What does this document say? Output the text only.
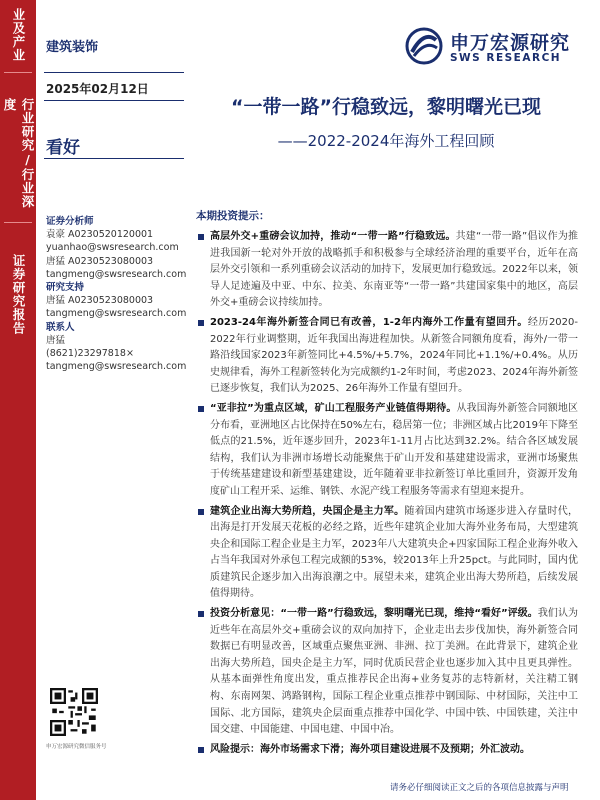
业及产业
行业研究/行业深度
证券研究报告
建筑装饰	申万宏源研究
SWS RESEARCH
2025年02月12日
看好
“一带一路”行稳致远，黎明曙光已现
——2022-2024年海外工程回顾
证券分析师
袁豪 A0230520120001
yuanhao@swsresearch.com
唐猛 A0230523080003
tangmeng@swsresearch.com
研究支持
唐猛 A0230523080003
tangmeng@swsresearch.com
联系人
唐猛
(8621)23297818×
tangmeng@swsresearch.com
本期投资提示：
高层外交+重磅会议加持，推动“一带一路”行稳致远。共建“一带一路”倡议作为推进我国新一轮对外开放的战略抓手和积极参与全球经济治理的重要平台，近年在高层外交引领和一系列重磅会议活动的加持下，发展更加行稳致远。2022年以来，领导人足迹遍及中亚、中东、拉美、东南亚等“一带一路”共建国家集中的地区，高层外交+重磅会议持续加持。
2023-24年海外新签合同已有改善，1-2年内海外工作量有望回升。经历2020-2022年行业调整期，近年我国出海进程加快。从新签合同额角度看，海外/一带一路沿线国家2023年新签同比+4.5%/+5.7%，2024年同比+1.1%/+0.4%。从历史规律看，海外工程新签转化为完成额约1-2年时间，考虑2023、2024年海外新签已逐步恢复，我们认为2025、26年海外工作量有望回升。
“亚非拉”为重点区域，矿山工程服务产业链值得期待。从我国海外新签合同额地区分布看，亚洲地区占比保持在50%左右，稳居第一位；非洲区域占比2019年下降至低点的21.5%，近年逐步回升，2023年1-11月占比达到32.2%。结合各区域发展结构，我们认为非洲市场增长动能聚焦于矿山开发和基建建设需求，亚洲市场聚焦于传统基建建设和新型基建建设，近年随着亚非拉新签订单比重回升，资源开发角度矿山工程开采、运维、钢铁、水泥产线工程服务等需求有望迎来提升。
建筑企业出海大势所趋，央国企是主力军。随着国内建筑市场逐步进入存量时代，出海是打开发展天花板的必经之路，近些年建筑企业加大海外业务布局，大型建筑央企和国际工程企业是主力军，2023年八大建筑央企+四家国际工程企业海外收入占当年我国对外承包工程完成额的53%，较2013年上升25pct。与此同时，国内优质建筑民企逐步加入出海浪潮之中。展望未来，建筑企业出海大势所趋，后续发展值得期待。
投资分析意见：“一带一路”行稳致远，黎明曙光已现，维持“看好”评级。我们认为近些年在高层外交+重磅会议的双向加持下，企业走出去步伐加快，海外新签合同数据已有明显改善，区域重点聚焦亚洲、非洲、拉丁美洲。在此背景下，建筑企业出海大势所趋，国央企是主力军，同时优质民营企业也逐步加入其中且更具弹性。从基本面弹性角度出发，重点推荐民企出海+业务复苏的志特新材，关注精工钢构、东南网架、鸿路钢构，国际工程企业重点推荐中钢国际、中材国际，关注中工国际、北方国际，建筑央企层面重点推荐中国化学、中国中铁、中国铁建，关注中国交建、中国能建、中国电建、中国中冶。
风险提示：海外市场需求下滑；海外项目建设进展不及预期；外汇波动。
申万宏源研究微信服务号
请务必仔细阅读正文之后的各项信息披露与声明
